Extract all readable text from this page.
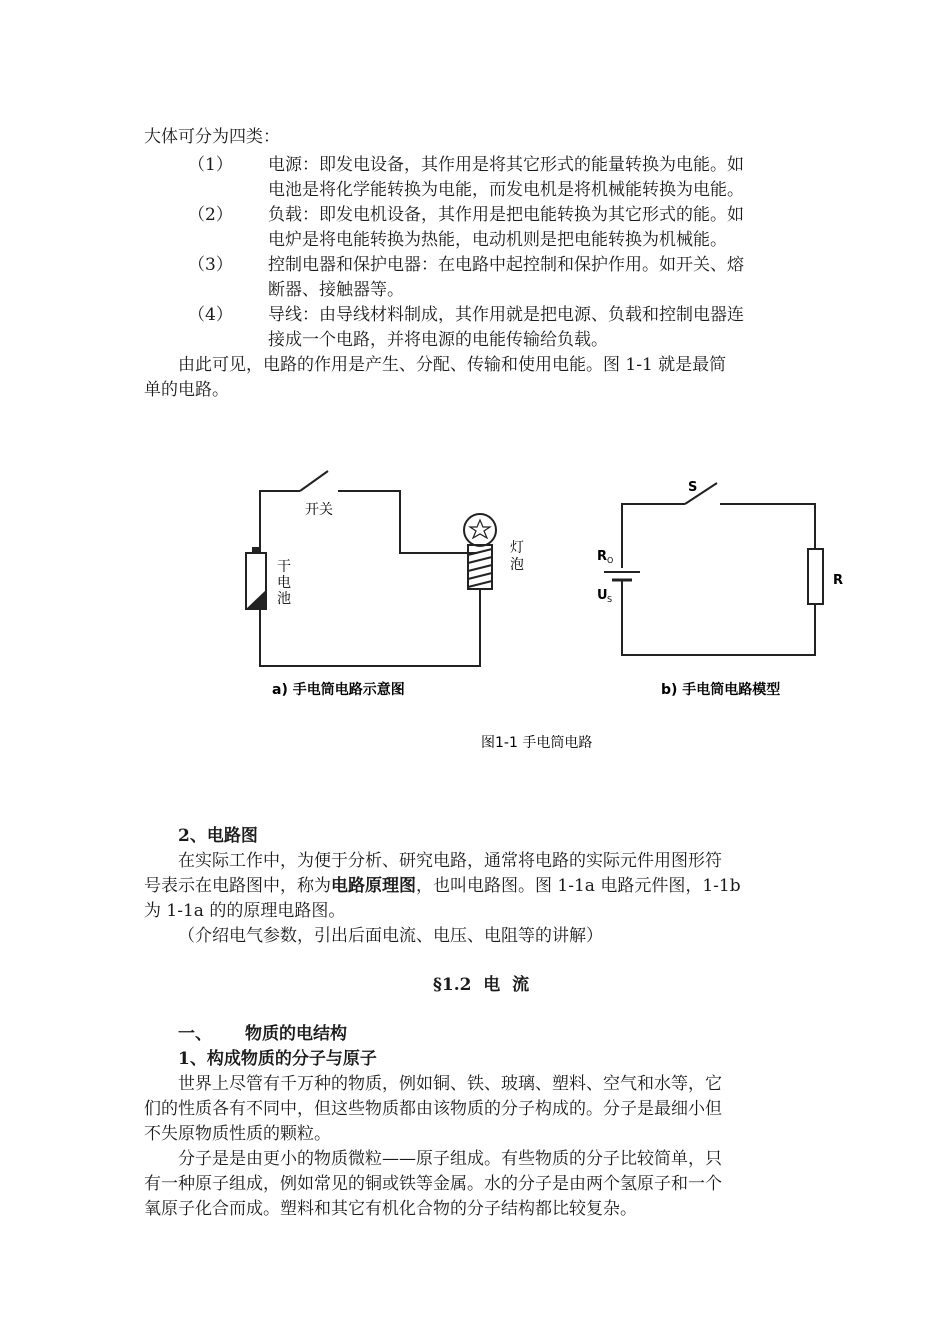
大体可分为四类：
（1） 电源：即发电设备，其作用是将其它形式的能量转换为电能。如
电池是将化学能转换为电能，而发电机是将机械能转换为电能。
（2） 负载：即发电机设备，其作用是把电能转换为其它形式的能。如
电炉是将电能转换为热能，电动机则是把电能转换为机械能。
（3） 控制电器和保护电器：在电路中起控制和保护作用。如开关、熔
断器、接触器等。
（4） 导线：由导线材料制成，其作用就是把电源、负载和控制电器连
接成一个电路，并将电源的电能传输给负载。
由此可见，电路的作用是产生、分配、传输和使用电能。图 1-1 就是最简
单的电路。
开关
干
电
池
灯
泡
a) 手电筒电路示意图
S
R O
U S
R
b) 手电筒电路模型
图1-1 手电筒电路
2、电路图
在实际工作中，为便于分析、研究电路，通常将电路的实际元件用图形符
号表示在电路图中，称为电路原理图，也叫电路图。图 1-1a 电路元件图，1-1b
为 1-1a 的的原理电路图。
（介绍电气参数，引出后面电流、电压、电阻等的讲解）
§1.2  电  流
一、 物质的电结构
1、构成物质的分子与原子
世界上尽管有千万种的物质，例如铜、铁、玻璃、塑料、空气和水等，它
们的性质各有不同中，但这些物质都由该物质的分子构成的。分子是最细小但
不失原物质性质的颗粒。
分子是是由更小的物质微粒——原子组成。有些物质的分子比较简单，只
有一种原子组成，例如常见的铜或铁等金属。水的分子是由两个氢原子和一个
氧原子化合而成。塑料和其它有机化合物的分子结构都比较复杂。
